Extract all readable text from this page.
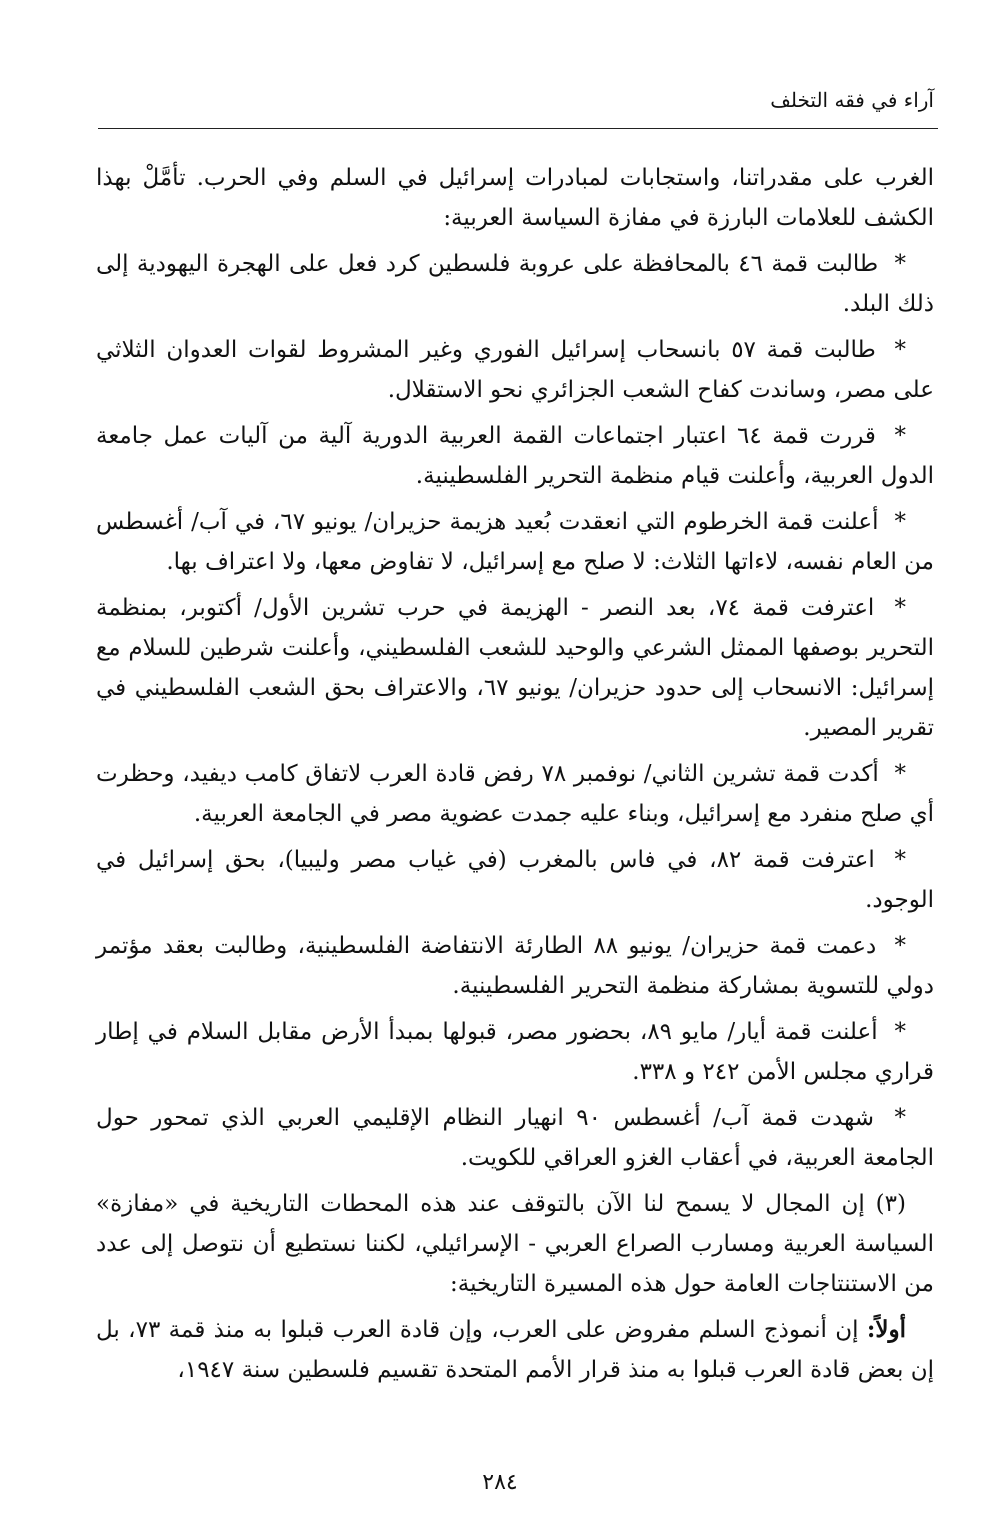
آراء في فقه التخلف

الغرب على مقدراتنا، واستجابات لمبادرات إسرائيل في السلم وفي الحرب. تأمَّلْ بهذا الكشف للعلامات البارزة في مفازة السياسة العربية:

* طالبت قمة ٤٦ بالمحافظة على عروبة فلسطين كرد فعل على الهجرة اليهودية إلى ذلك البلد.

* طالبت قمة ٥٧ بانسحاب إسرائيل الفوري وغير المشروط لقوات العدوان الثلاثي على مصر، وساندت كفاح الشعب الجزائري نحو الاستقلال.

* قررت قمة ٦٤ اعتبار اجتماعات القمة العربية الدورية آلية من آليات عمل جامعة الدول العربية، وأعلنت قيام منظمة التحرير الفلسطينية.

* أعلنت قمة الخرطوم التي انعقدت بُعيد هزيمة حزيران/ يونيو ٦٧، في آب/ أغسطس من العام نفسه، لاءاتها الثلاث: لا صلح مع إسرائيل، لا تفاوض معها، ولا اعتراف بها.

* اعترفت قمة ٧٤، بعد النصر - الهزيمة في حرب تشرين الأول/ أكتوبر، بمنظمة التحرير بوصفها الممثل الشرعي والوحيد للشعب الفلسطيني، وأعلنت شرطين للسلام مع إسرائيل: الانسحاب إلى حدود حزيران/ يونيو ٦٧، والاعتراف بحق الشعب الفلسطيني في تقرير المصير.

* أكدت قمة تشرين الثاني/ نوفمبر ٧٨ رفض قادة العرب لاتفاق كامب ديفيد، وحظرت أي صلح منفرد مع إسرائيل، وبناء عليه جمدت عضوية مصر في الجامعة العربية.

* اعترفت قمة ٨٢، في فاس بالمغرب (في غياب مصر وليبيا)، بحق إسرائيل في الوجود.

* دعمت قمة حزيران/ يونيو ٨٨ الطارئة الانتفاضة الفلسطينية، وطالبت بعقد مؤتمر دولي للتسوية بمشاركة منظمة التحرير الفلسطينية.

* أعلنت قمة أيار/ مايو ٨٩، بحضور مصر، قبولها بمبدأ الأرض مقابل السلام في إطار قراري مجلس الأمن ٢٤٢ و ٣٣٨.

* شهدت قمة آب/ أغسطس ٩٠ انهيار النظام الإقليمي العربي الذي تمحور حول الجامعة العربية، في أعقاب الغزو العراقي للكويت.

(٣) إن المجال لا يسمح لنا الآن بالتوقف عند هذه المحطات التاريخية في «مفازة» السياسة العربية ومسارب الصراع العربي - الإسرائيلي، لكننا نستطيع أن نتوصل إلى عدد من الاستنتاجات العامة حول هذه المسيرة التاريخية:

أولاً: إن أنموذج السلم مفروض على العرب، وإن قادة العرب قبلوا به منذ قمة ٧٣، بل إن بعض قادة العرب قبلوا به منذ قرار الأمم المتحدة تقسيم فلسطين سنة ١٩٤٧،

٢٨٤
